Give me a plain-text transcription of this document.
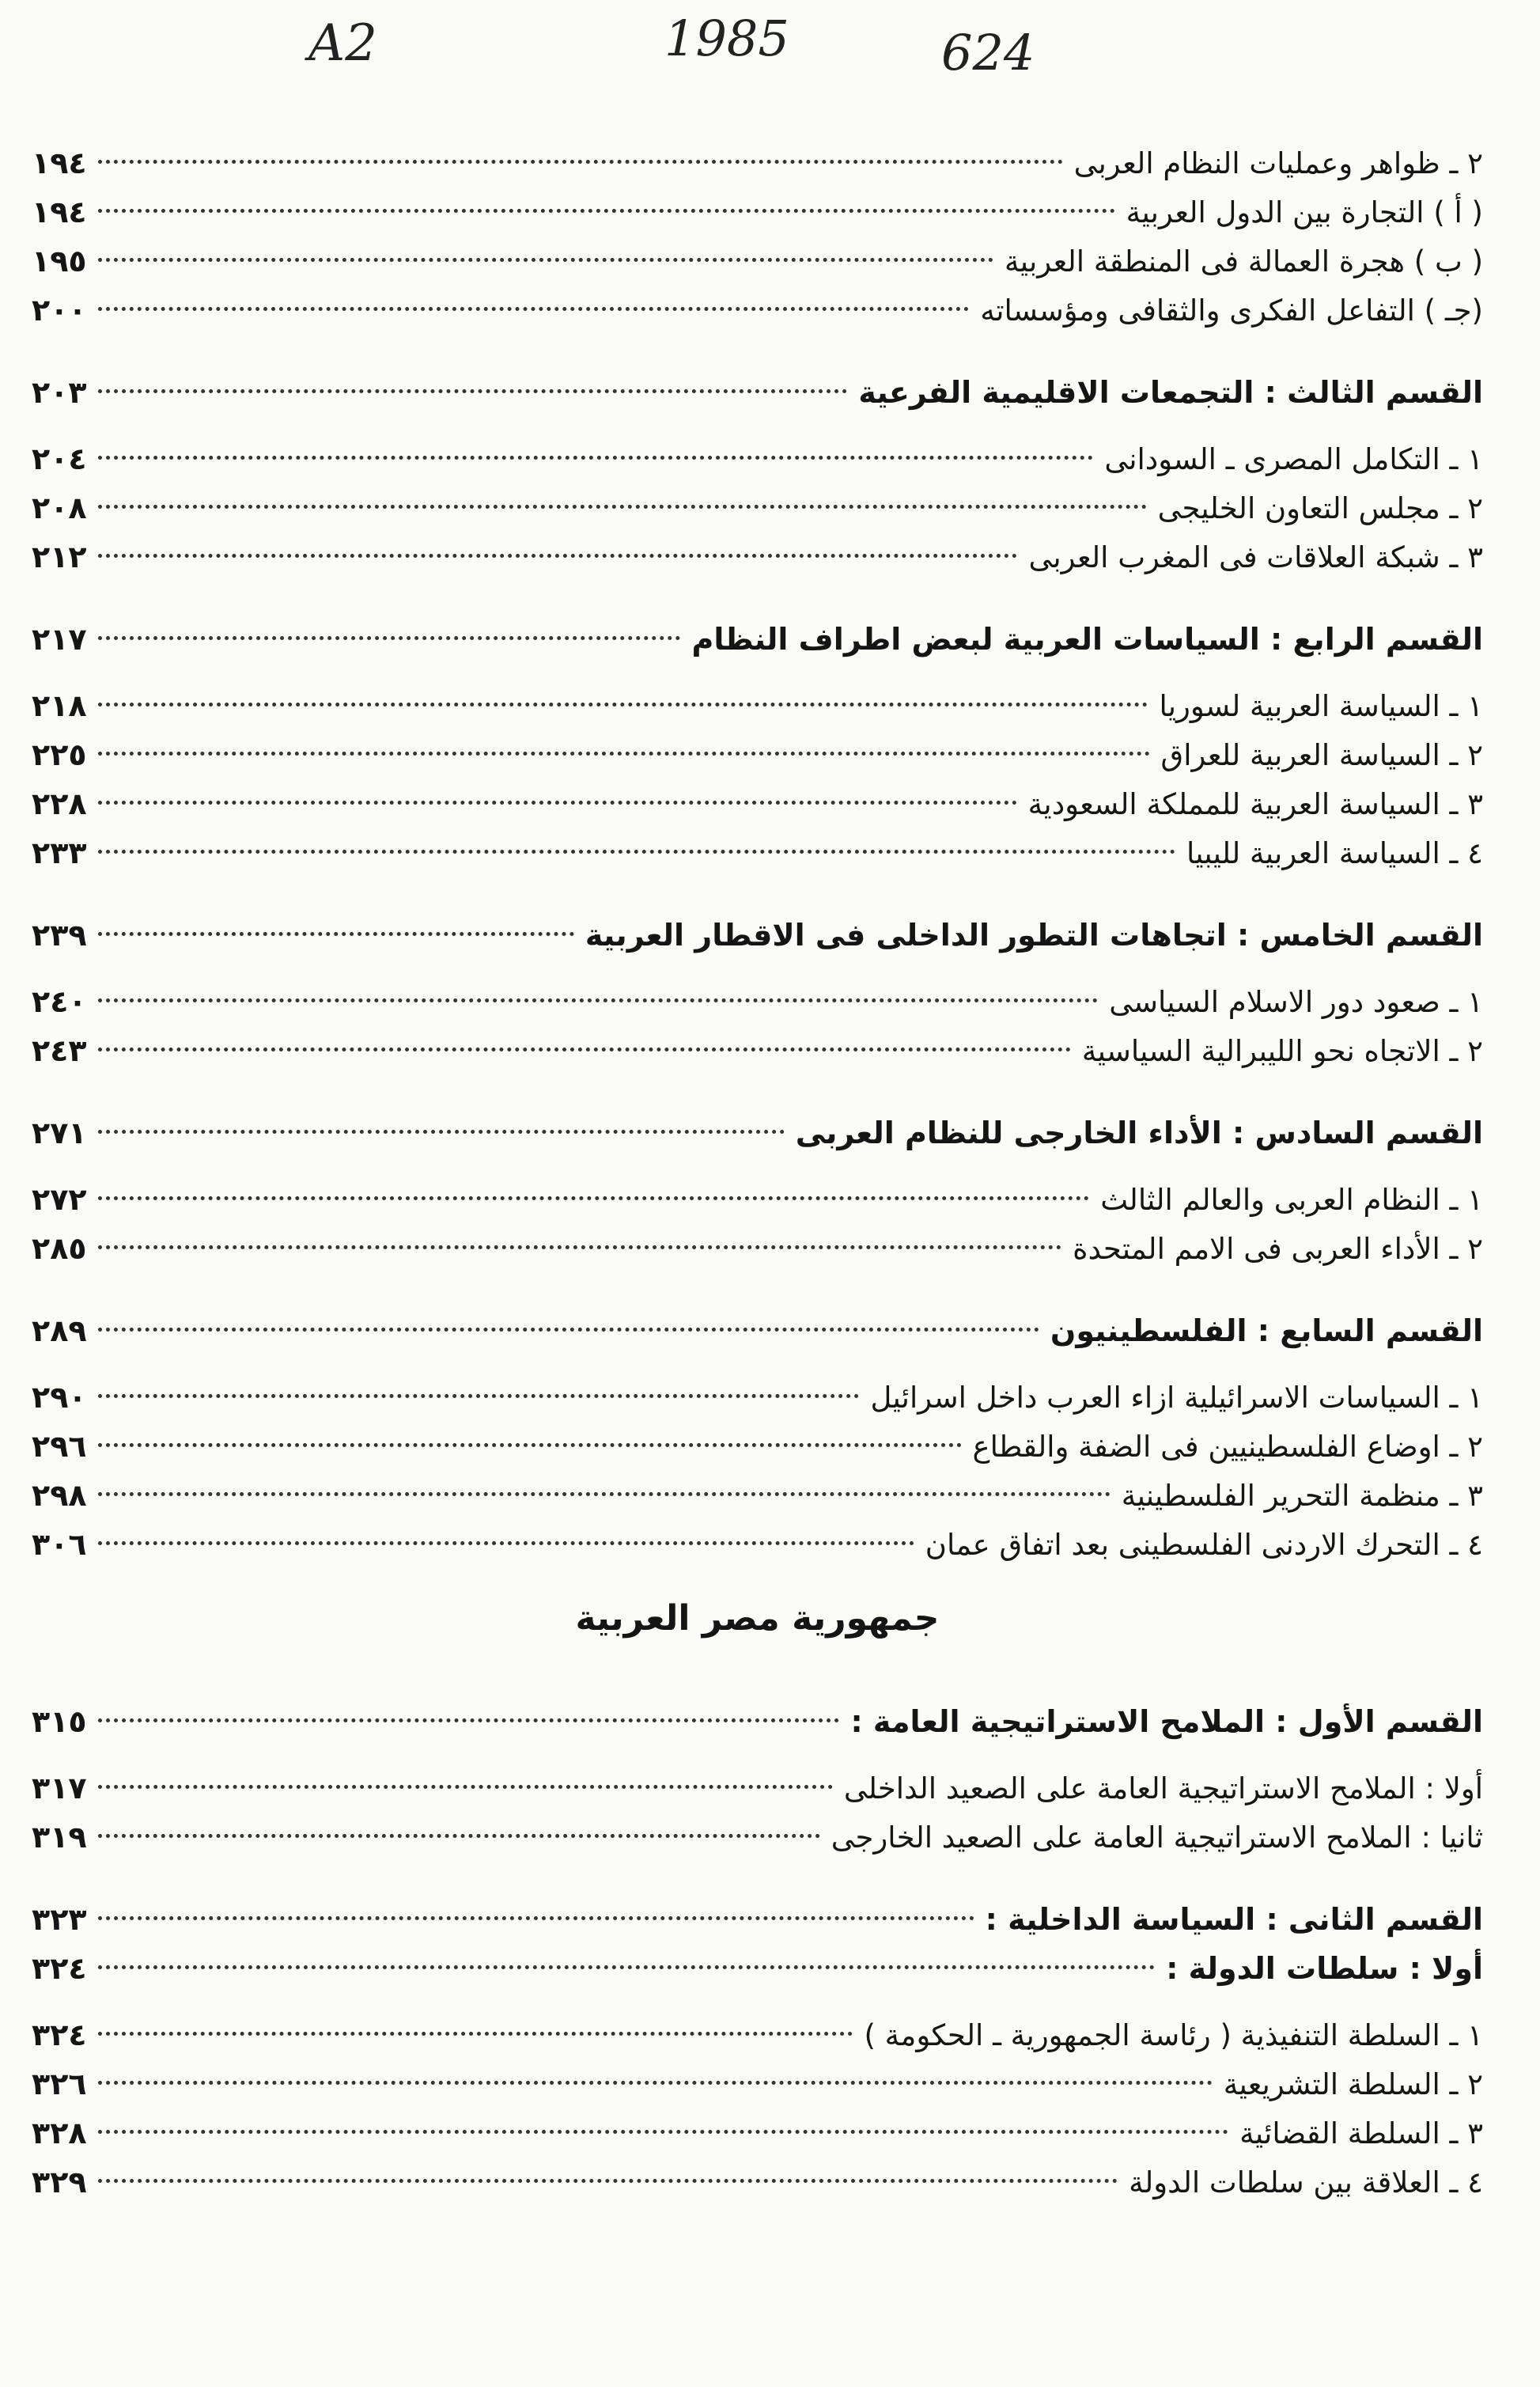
A2	1985	624
٢ ـ ظواهر وعمليات النظام العربى
١٩٤
( أ ) التجارة بين الدول العربية
١٩٤
( ب ) هجرة العمالة فى المنطقة العربية
١٩٥
(جـ ) التفاعل الفكرى والثقافى ومؤسساته
٢٠٠
القسم الثالث : التجمعات الاقليمية الفرعية
٢٠٣
١ ـ التكامل المصرى ـ السودانى
٢٠٤
٢ ـ مجلس التعاون الخليجى
٢٠٨
٣ ـ شبكة العلاقات فى المغرب العربى
٢١٢
القسم الرابع : السياسات العربية لبعض اطراف النظام
٢١٧
١ ـ السياسة العربية لسوريا
٢١٨
٢ ـ السياسة العربية للعراق
٢٢٥
٣ ـ السياسة العربية للمملكة السعودية
٢٢٨
٤ ـ السياسة العربية لليبيا
٢٣٣
القسم الخامس : اتجاهات التطور الداخلى فى الاقطار العربية
٢٣٩
١ ـ صعود دور الاسلام السياسى
٢٤٠
٢ ـ الاتجاه نحو الليبرالية السياسية
٢٤٣
القسم السادس : الأداء الخارجى للنظام العربى
٢٧١
١ ـ النظام العربى والعالم الثالث
٢٧٢
٢ ـ الأداء العربى فى الامم المتحدة
٢٨٥
القسم السابع : الفلسطينيون
٢٨٩
١ ـ السياسات الاسرائيلية ازاء العرب داخل اسرائيل
٢٩٠
٢ ـ اوضاع الفلسطينيين فى الضفة والقطاع
٢٩٦
٣ ـ منظمة التحرير الفلسطينية
٢٩٨
٤ ـ التحرك الاردنى الفلسطينى بعد اتفاق عمان
٣٠٦
جمهورية مصر العربية
القسم الأول : الملامح الاستراتيجية العامة :
٣١٥
أولا : الملامح الاستراتيجية العامة على الصعيد الداخلى
٣١٧
ثانيا : الملامح الاستراتيجية العامة على الصعيد الخارجى
٣١٩
القسم الثانى : السياسة الداخلية :
٣٢٣
أولا : سلطات الدولة :
٣٢٤
١ ـ السلطة التنفيذية ( رئاسة الجمهورية ـ الحكومة )
٣٢٤
٢ ـ السلطة التشريعية
٣٢٦
٣ ـ السلطة القضائية
٣٢٨
٤ ـ العلاقة بين سلطات الدولة
٣٢٩
